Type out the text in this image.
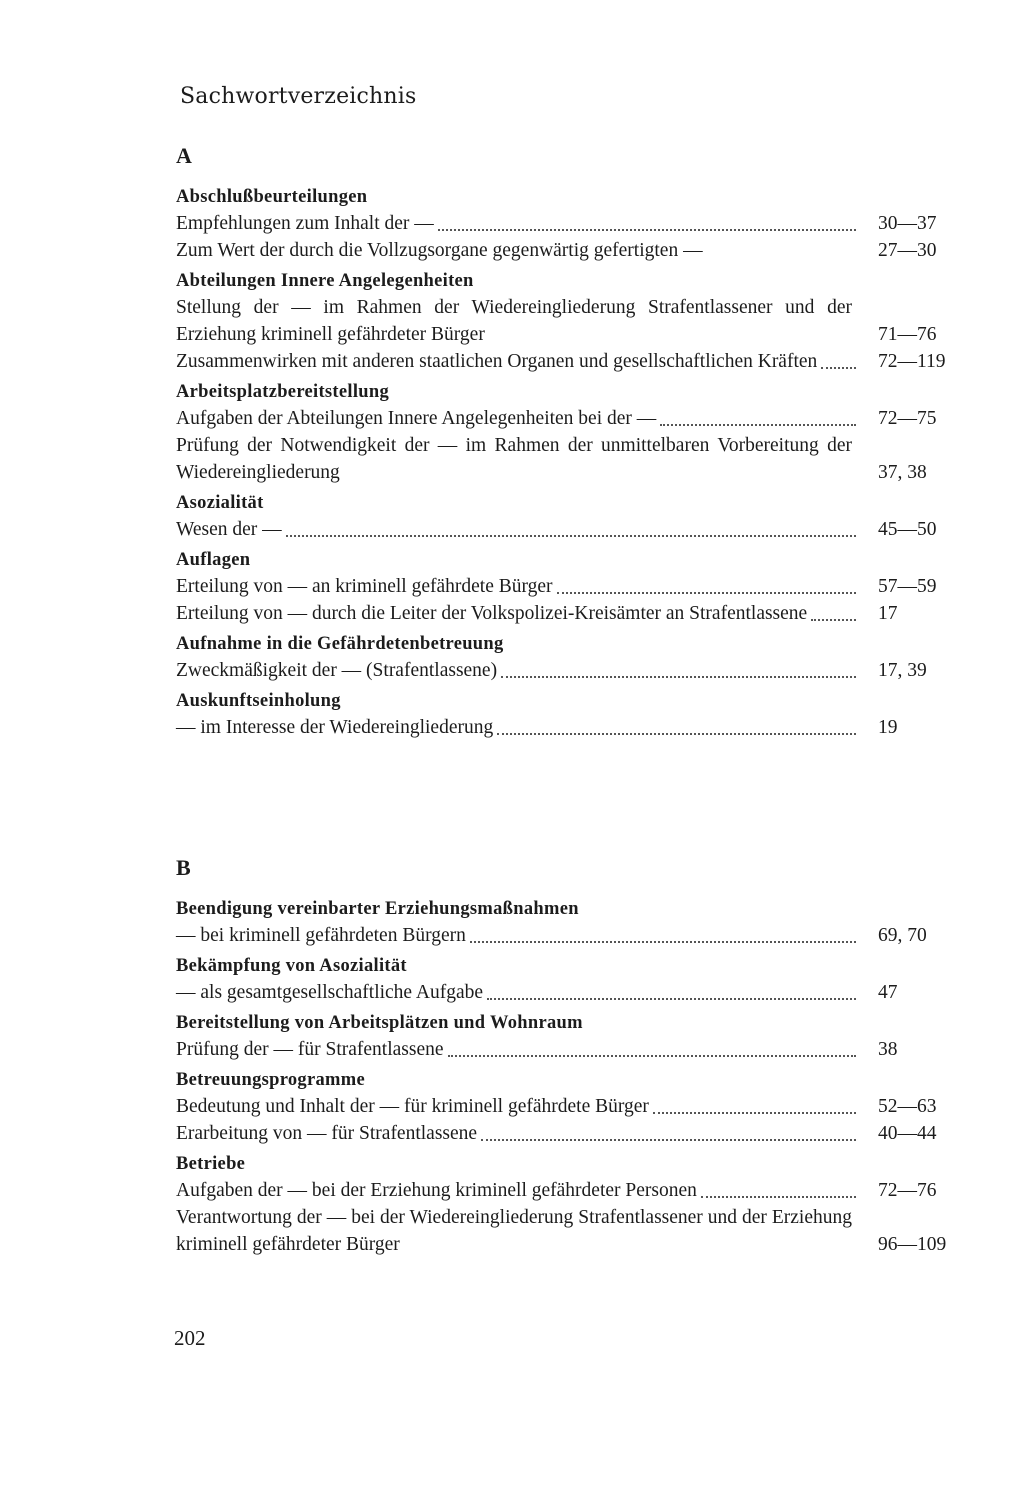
Sachwortverzeichnis
A
Abschlußbeurteilungen
Empfehlungen zum Inhalt der —	30—37
Zum Wert der durch die Vollzugsorgane gegenwärtig gefertigten —	27—30
Abteilungen Innere Angelegenheiten
Stellung der — im Rahmen der Wiedereingliederung Strafentlassener und der Erziehung kriminell gefährdeter Bürger	71—76
Zusammenwirken mit anderen staatlichen Organen und gesellschaftlichen Kräften	72—119
Arbeitsplatzbereitstellung
Aufgaben der Abteilungen Innere Angelegenheiten bei der —	72—75
Prüfung der Notwendigkeit der — im Rahmen der unmittelbaren Vorbereitung der Wiedereingliederung	37, 38
Asozialität
Wesen der —	45—50
Auflagen
Erteilung von — an kriminell gefährdete Bürger	57—59
Erteilung von — durch die Leiter der Volkspolizei-Kreisämter an Strafentlassene	17
Aufnahme in die Gefährdetenbetreuung
Zweckmäßigkeit der — (Strafentlassene)	17, 39
Auskunftseinholung
— im Interesse der Wiedereingliederung	19
B
Beendigung vereinbarter Erziehungsmaßnahmen
— bei kriminell gefährdeten Bürgern	69, 70
Bekämpfung von Asozialität
— als gesamtgesellschaftliche Aufgabe	47
Bereitstellung von Arbeitsplätzen und Wohnraum
Prüfung der — für Strafentlassene	38
Betreuungsprogramme
Bedeutung und Inhalt der — für kriminell gefährdete Bürger	52—63
Erarbeitung von — für Strafentlassene	40—44
Betriebe
Aufgaben der — bei der Erziehung kriminell gefährdeter Personen	72—76
Verantwortung der — bei der Wiedereingliederung Strafentlassener und der Erziehung kriminell gefährdeter Bürger	96—109
202
